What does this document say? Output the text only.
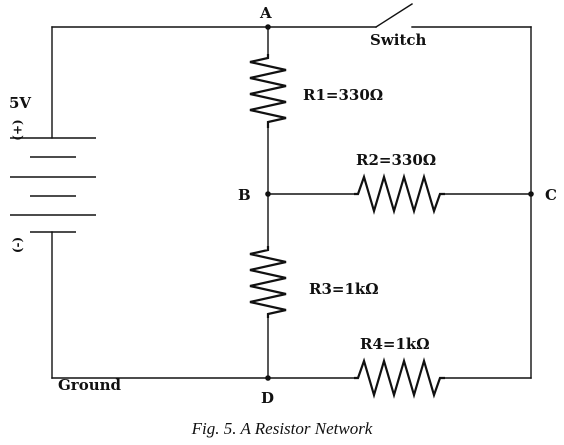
A
B	C
D
Switch
Ground
R1=330Ω
R2=330Ω
R3=1kΩ
R4=1kΩ
5V
(+)
(-)
Fig. 5. A Resistor Network
